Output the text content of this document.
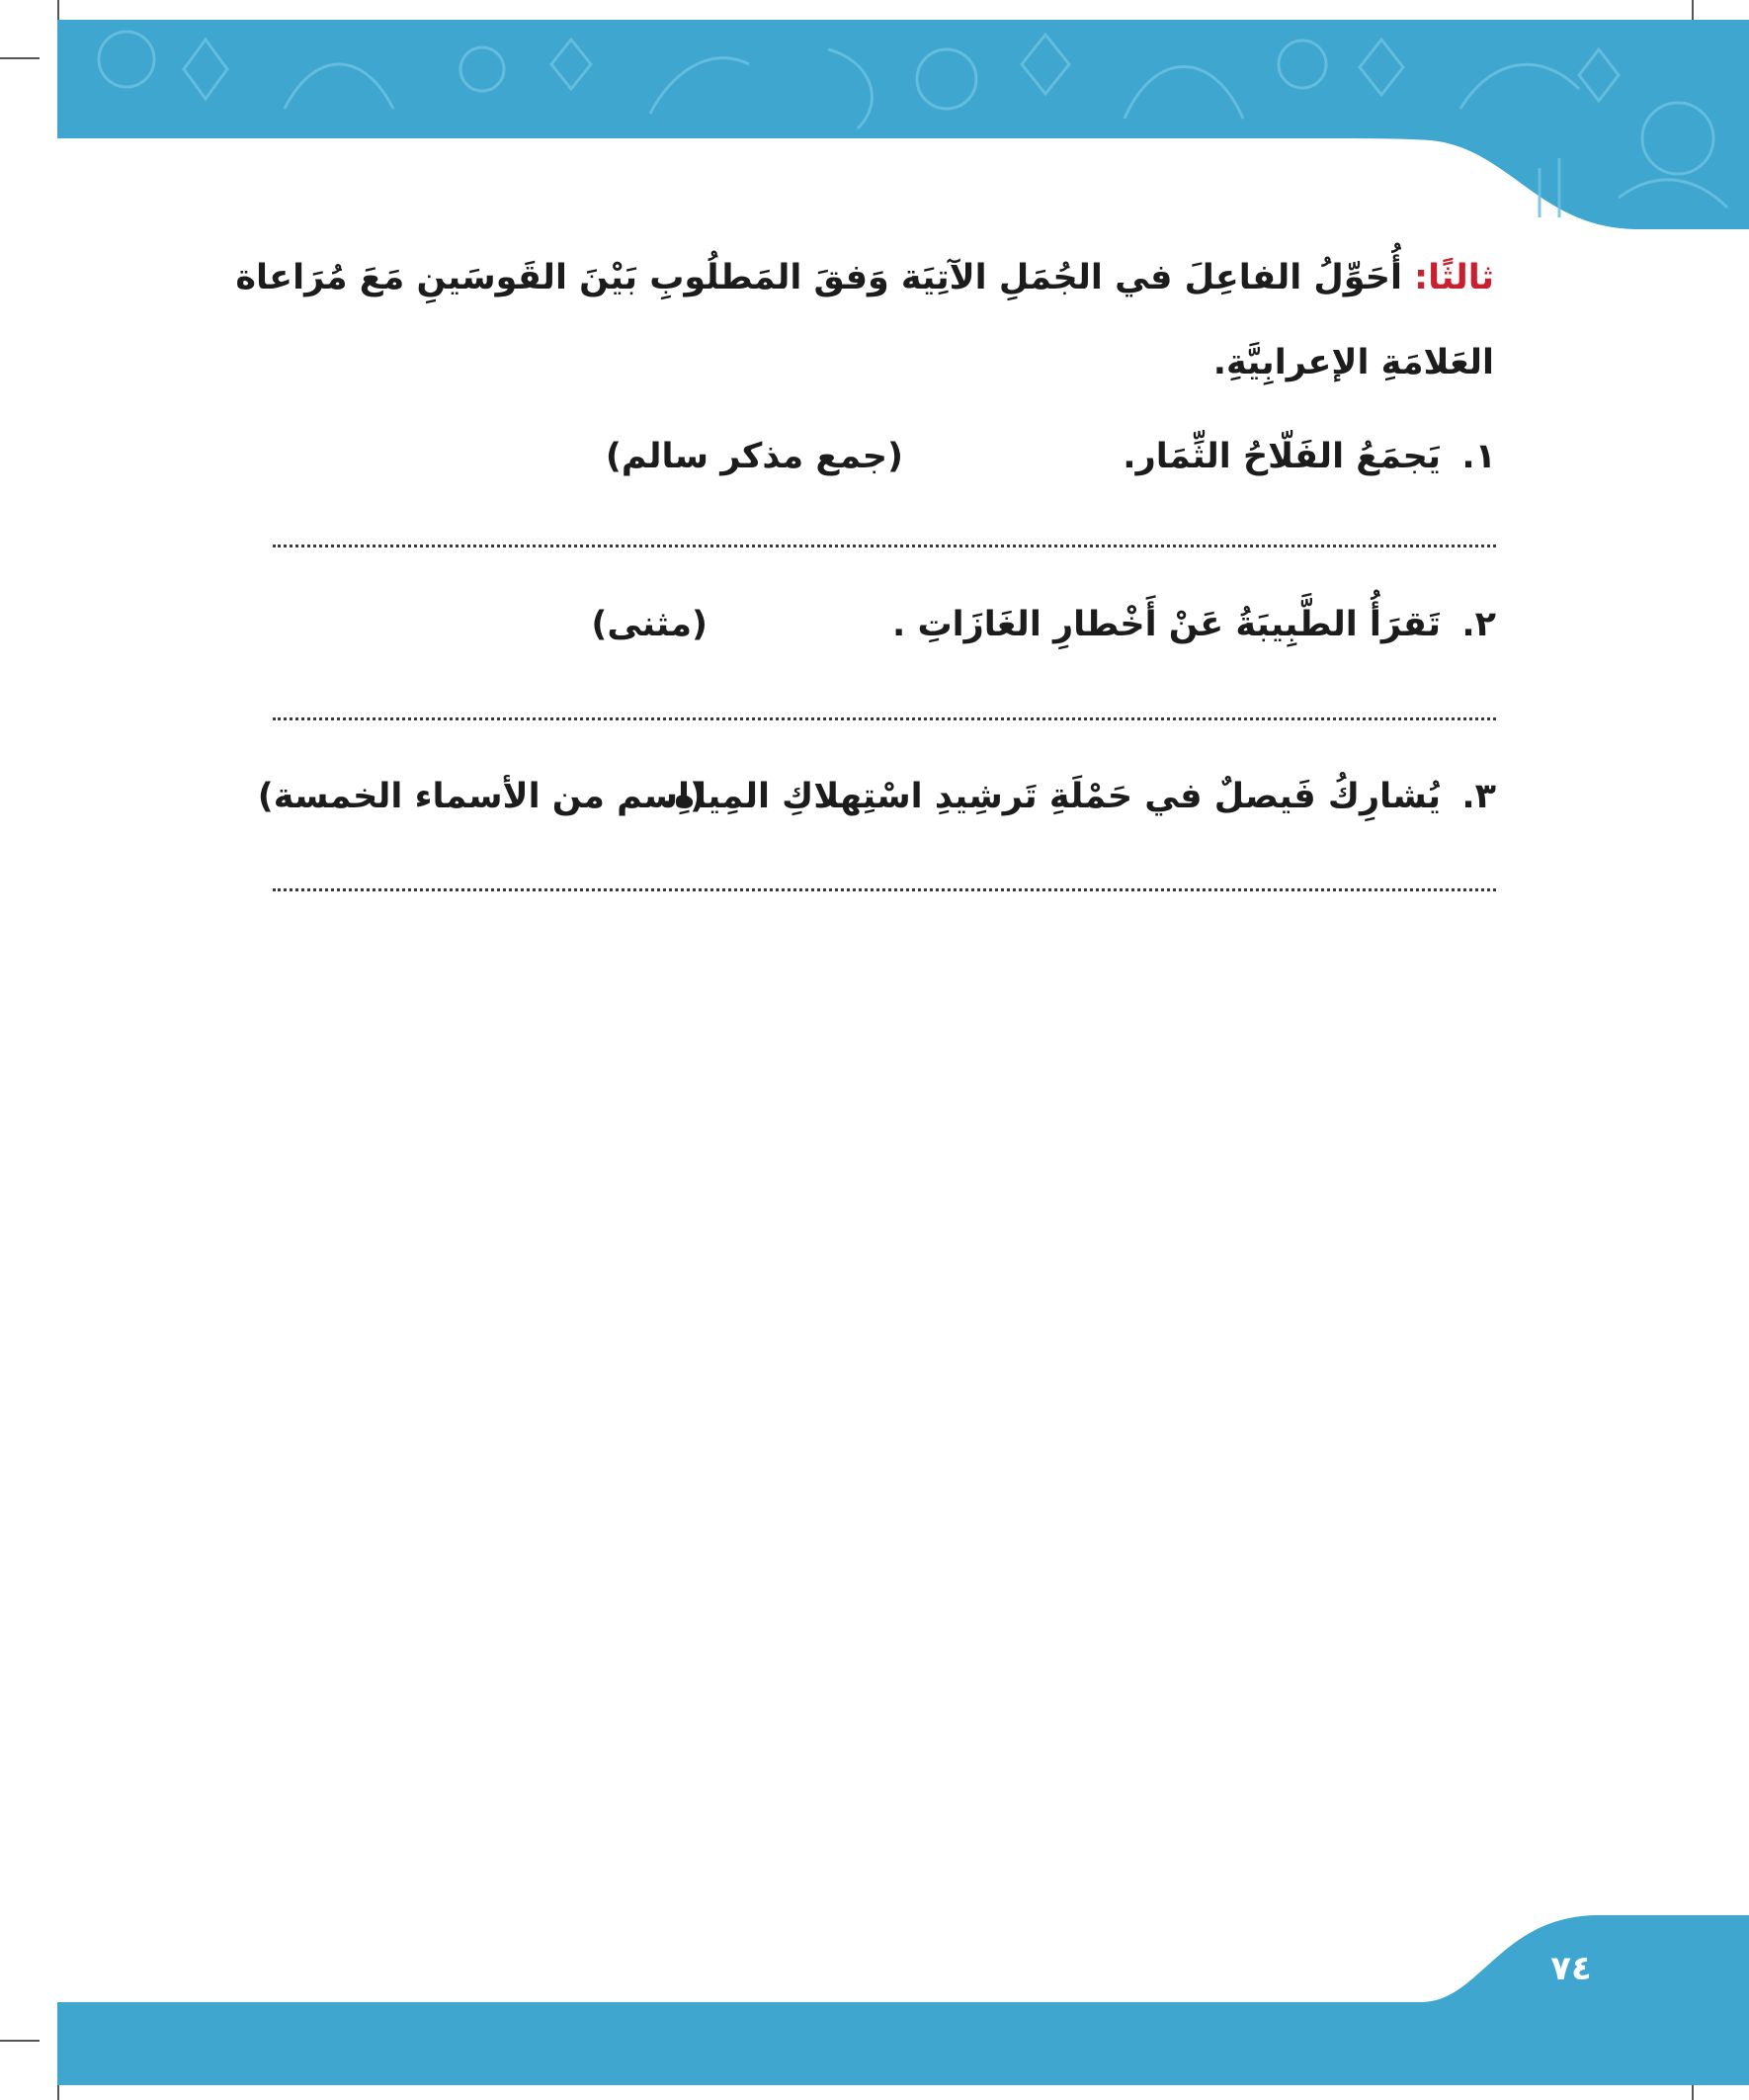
ثالثًا: أُحَوِّلُ الفاعِلَ في الجُمَلِ الآتِيَة وَفقَ المَطلُوبِ بَيْنَ القَوسَينِ مَعَ مُرَاعاة العَلامَةِ الإعرابِيَّةِ.
١.
يَجمَعُ الفَلّاحُ الثِّمَار.
(جمع مذكر سالم)
٢.
تَقرَأُ الطَّبِيبَةُ عَنْ أَخْطارِ الغَازَاتِ .
(مثنى)
٣.
يُشارِكُ فَيصلٌ في حَمْلَةِ تَرشِيدِ اسْتِهلاكِ المِياهِ.
(اسم من الأسماء الخمسة)
٧٤
